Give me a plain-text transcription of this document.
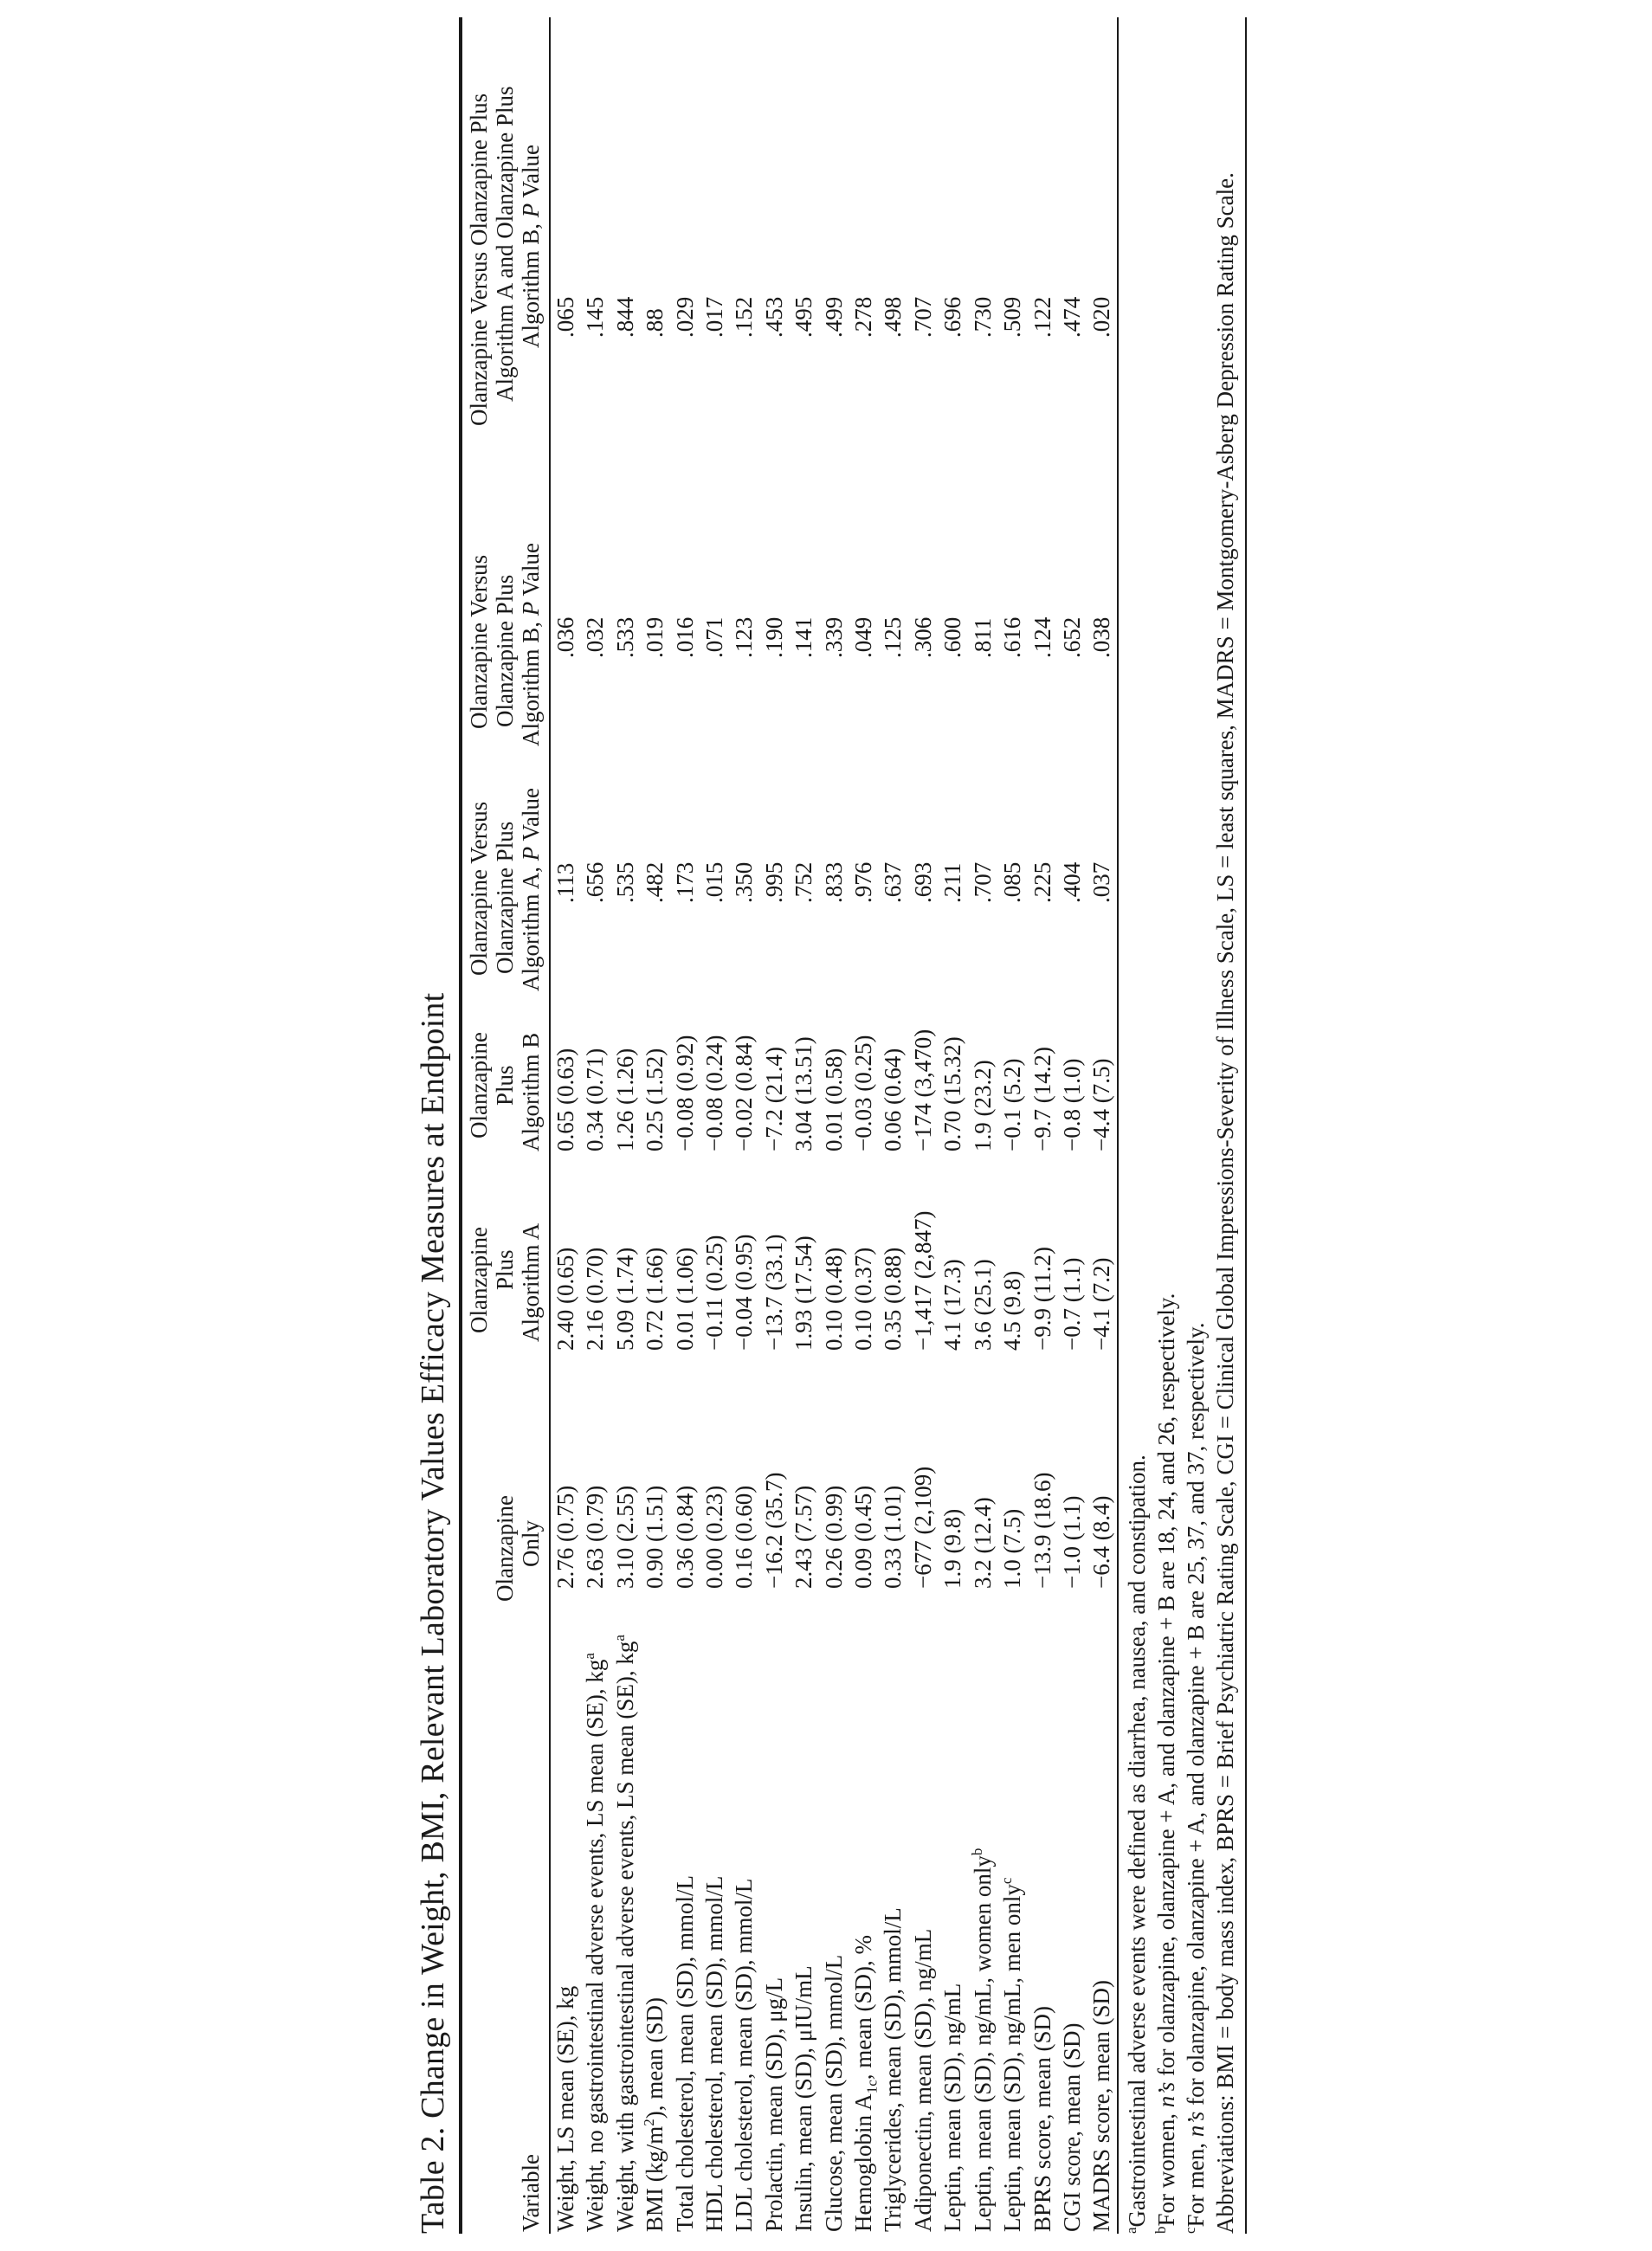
Table 2. Change in Weight, BMI, Relevant Laboratory Values Efficacy Measures at Endpoint	Variable	Olanzapine
Only	Olanzapine
Plus
Algorithm A	Olanzapine
Plus
Algorithm B	Olanzapine Versus
Olanzapine Plus
Algorithm A, P Value	Olanzapine Versus
Olanzapine Plus
Algorithm B, P Value	Olanzapine Versus Olanzapine Plus
Algorithm A and Olanzapine Plus
Algorithm B, P Value
Weight, LS mean (SE), kg	2.76 (0.75)	2.40 (0.65)	0.65 (0.63)	.113	.036	.065
Weight, no gastrointestinal adverse events, LS mean (SE), $kg^a$	2.63 (0.79)	2.16 (0.70)	0.34 (0.71)	.656	.032	.145
Weight, with gastrointestinal adverse events, LS mean (SE), $kg^a$	3.10 (2.55)	5.09 (1.74)	1.26 (1.26)	.535	.533	.844
BMI $(kg/m^2)$, mean (SD)	0.90 (1.51)	0.72 (1.66)	0.25 (1.52)	.482	.019	.88
Total cholesterol, mean (SD), mmol/L	0.36 (0.84)	0.01 (1.06)	−0.08 (0.92)	.173	.016	.029
HDL cholesterol, mean (SD), mmol/L	0.00 (0.23)	−0.11 (0.25)	−0.08 (0.24)	.015	.071	.017
LDL cholesterol, mean (SD), mmol/L	0.16 (0.60)	−0.04 (0.95)	−0.02 (0.84)	.350	.123	.152
Prolactin, mean (SD), μg/L	−16.2 (35.7)	−13.7 (33.1)	−7.2 (21.4)	.995	.190	.453
Insulin, mean (SD), μIU/mL	2.43 (7.57)	1.93 (17.54)	3.04 (13.51)	.752	.141	.495
Glucose, mean (SD), mmol/L	0.26 (0.99)	0.10 (0.48)	0.01 (0.58)	.833	.339	.499
Hemoglobin $A_{1c}$, mean (SD), %	0.09 (0.45)	0.10 (0.37)	−0.03 (0.25)	.976	.049	.278
Triglycerides, mean (SD), mmol/L	0.33 (1.01)	0.35 (0.88)	0.06 (0.64)	.637	.125	.498
Adiponectin, mean (SD), ng/mL	−677 (2,109)	−1,417 (2,847)	−174 (3,470)	.693	.306	.707
Leptin, mean (SD), ng/mL	1.9 (9.8)	4.1 (17.3)	0.70 (15.32)	.211	.600	.696
Leptin, mean (SD), ng/mL, women only$^b$	3.2 (12.4)	3.6 (25.1)	1.9 (23.2)	.707	.811	.730
Leptin, mean (SD), ng/mL, men only$^c$	1.0 (7.5)	4.5 (9.8)	−0.1 (5.2)	.085	.616	.509
BPRS score, mean (SD)	−13.9 (18.6)	−9.9 (11.2)	−9.7 (14.2)	.225	.124	.122
CGI score, mean (SD)	−1.0 (1.1)	−0.7 (1.1)	−0.8 (1.0)	.404	.652	.474
MADRS score, mean (SD)	−6.4 (8.4)	−4.1 (7.2)	−4.4 (7.5)	.037	.038	.020
$^a$Gastrointestinal adverse events were defined as diarrhea, nausea, and constipation.
$^b$For women, n’s for olanzapine, olanzapine + A, and olanzapine + B are 18, 24, and 26, respectively.
$^c$For men, n’s for olanzapine, olanzapine + A, and olanzapine + B are 25, 37, and 37, respectively. Abbreviations: BMI = body mass index, BPRS = Brief Psychiatric Rating Scale, CGI = Clinical Global Impressions-Severity of Illness Scale, LS = least squares, MADRS = Montgomery-Asberg Depression Rating Scale.
